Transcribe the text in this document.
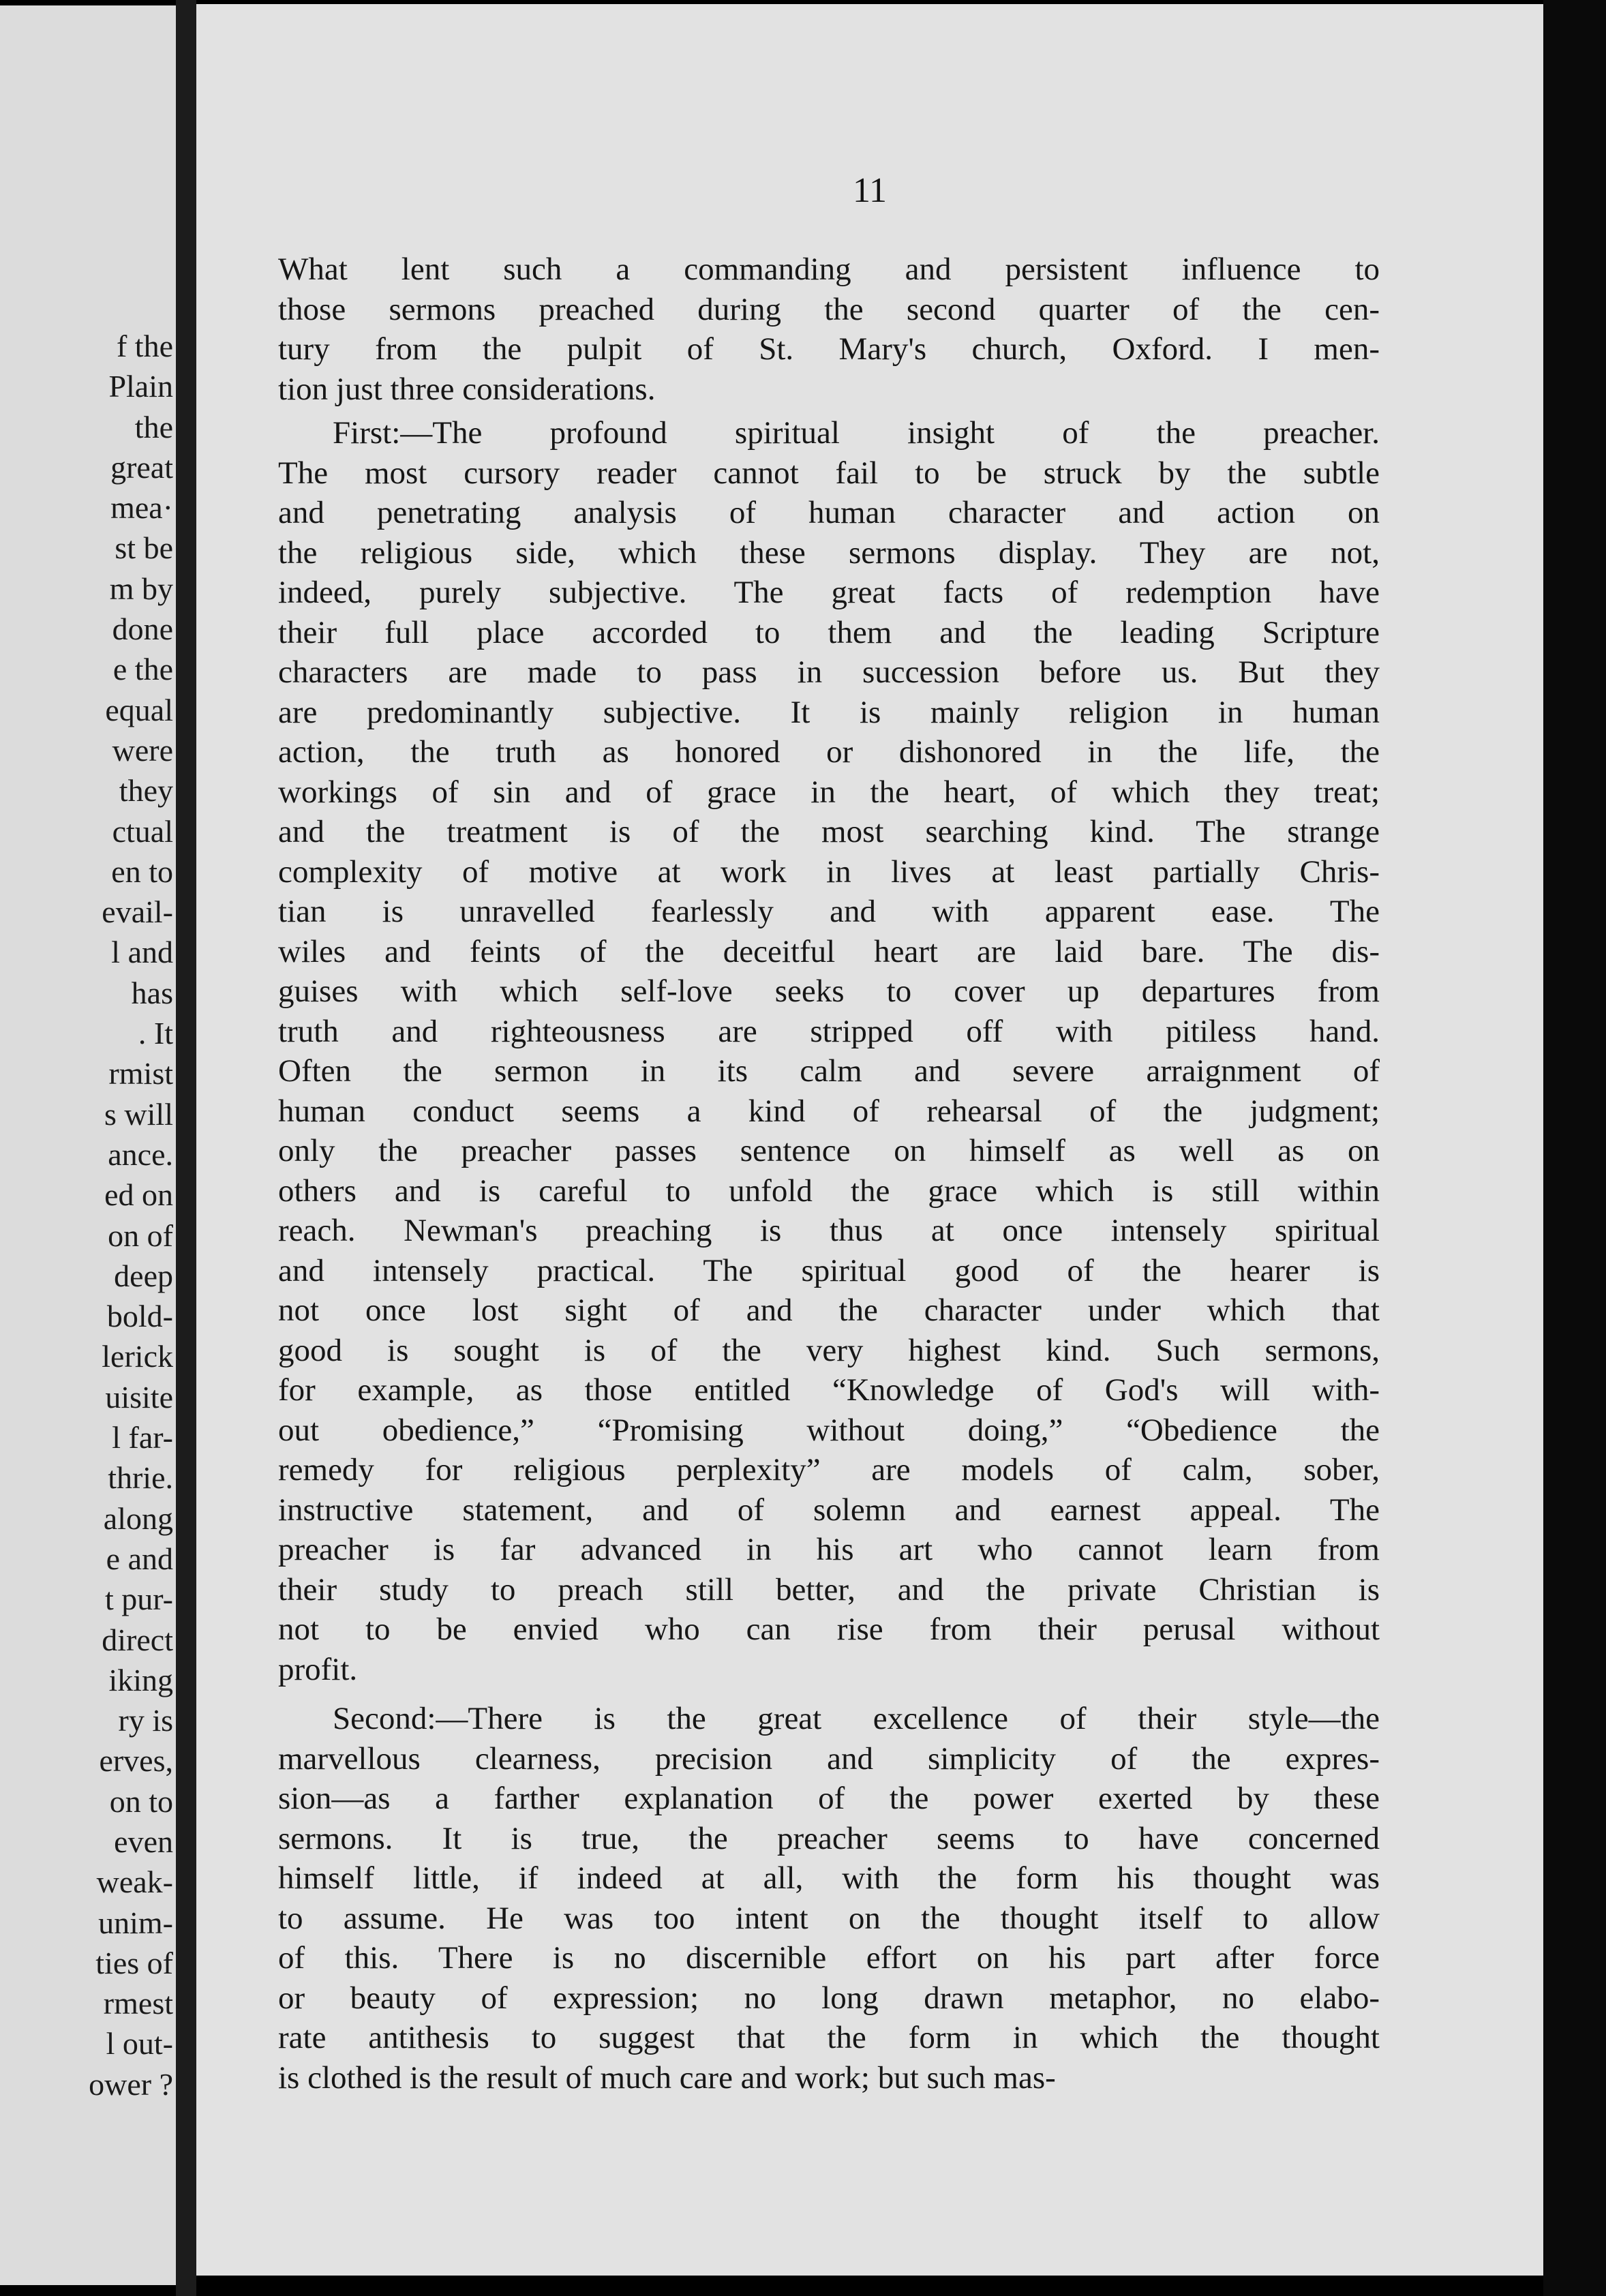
f the
Plain
the
great
mea·
st be
m by
done
e the
equal
were
they
ctual
en to
evail-
l and
has
. It
rmist
s will
ance.
ed on
on of
deep
bold-
lerick
uisite
l far-
thrie.
along
e and
t pur-
direct
iking
ry is
erves,
on to
even
weak-
unim-
ties of
rmest
l out-
ower ?
11
What lent such a commanding and persistent influence to
those sermons preached during the second quarter of the cen-
tury from the pulpit of St. Mary's church, Oxford. I men-
tion just three considerations.
First:—The profound spiritual insight of the preacher.
The most cursory reader cannot fail to be struck by the subtle
and penetrating analysis of human character and action on
the religious side, which these sermons display. They are not,
indeed, purely subjective. The great facts of redemption have
their full place accorded to them and the leading Scripture
characters are made to pass in succession before us. But they
are predominantly subjective. It is mainly religion in human
action, the truth as honored or dishonored in the life, the
workings of sin and of grace in the heart, of which they treat;
and the treatment is of the most searching kind. The strange
complexity of motive at work in lives at least partially Chris-
tian is unravelled fearlessly and with apparent ease. The
wiles and feints of the deceitful heart are laid bare. The dis-
guises with which self-love seeks to cover up departures from
truth and righteousness are stripped off with pitiless hand.
Often the sermon in its calm and severe arraignment of
human conduct seems a kind of rehearsal of the judgment;
only the preacher passes sentence on himself as well as on
others and is careful to unfold the grace which is still within
reach. Newman's preaching is thus at once intensely spiritual
and intensely practical. The spiritual good of the hearer is
not once lost sight of and the character under which that
good is sought is of the very highest kind. Such sermons,
for example, as those entitled “Knowledge of God's will with-
out obedience,” “Promising without doing,” “Obedience the
remedy for religious perplexity” are models of calm, sober,
instructive statement, and of solemn and earnest appeal. The
preacher is far advanced in his art who cannot learn from
their study to preach still better, and the private Christian is
not to be envied who can rise from their perusal without
profit.
Second:—There is the great excellence of their style—the
marvellous clearness, precision and simplicity of the expres-
sion—as a farther explanation of the power exerted by these
sermons. It is true, the preacher seems to have concerned
himself little, if indeed at all, with the form his thought was
to assume. He was too intent on the thought itself to allow
of this. There is no discernible effort on his part after force
or beauty of expression; no long drawn metaphor, no elabo-
rate antithesis to suggest that the form in which the thought
is clothed is the result of much care and work; but such mas-
